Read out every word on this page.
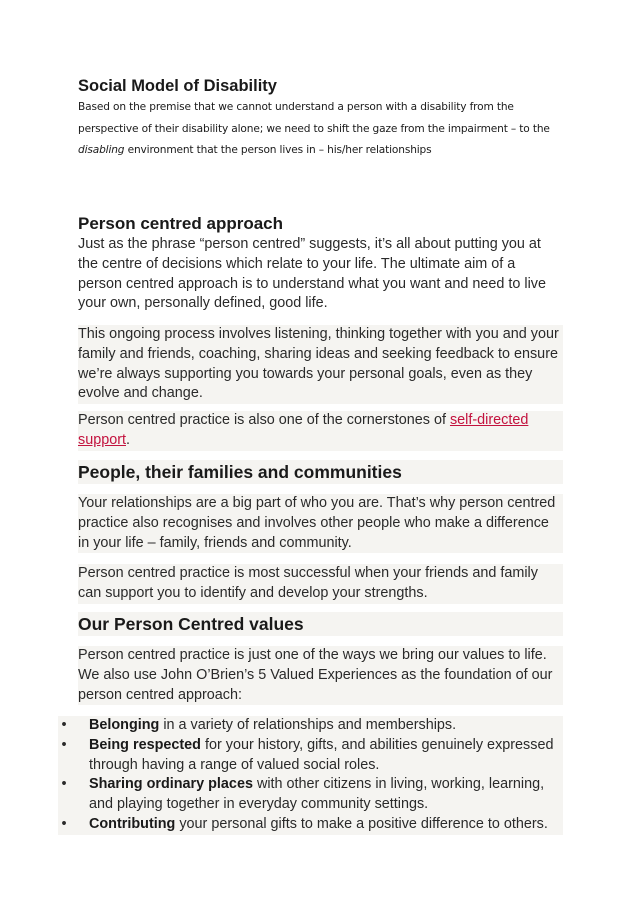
Social Model of Disability

Based on the premise that we cannot understand a person with a disability from the perspective of their disability alone; we need to shift the gaze from the impairment – to the disabling environment that the person lives in – his/her relationships

Person centred approach

Just as the phrase “person centred” suggests, it’s all about putting you at the centre of decisions which relate to your life. The ultimate aim of a person centred approach is to understand what you want and need to live your own, personally defined, good life.

This ongoing process involves listening, thinking together with you and your family and friends, coaching, sharing ideas and seeking feedback to ensure we’re always supporting you towards your personal goals, even as they evolve and change.

Person centred practice is also one of the cornerstones of self-directed support.

People, their families and communities

Your relationships are a big part of who you are. That’s why person centred practice also recognises and involves other people who make a difference in your life – family, friends and community.

Person centred practice is most successful when your friends and family can support you to identify and develop your strengths.

Our Person Centred values

Person centred practice is just one of the ways we bring our values to life. We also use John O’Brien’s 5 Valued Experiences as the foundation of our person centred approach:

• Belonging in a variety of relationships and memberships.
• Being respected for your history, gifts, and abilities genuinely expressed through having a range of valued social roles.
• Sharing ordinary places with other citizens in living, working, learning, and playing together in everyday community settings.
• Contributing your personal gifts to make a positive difference to others.
